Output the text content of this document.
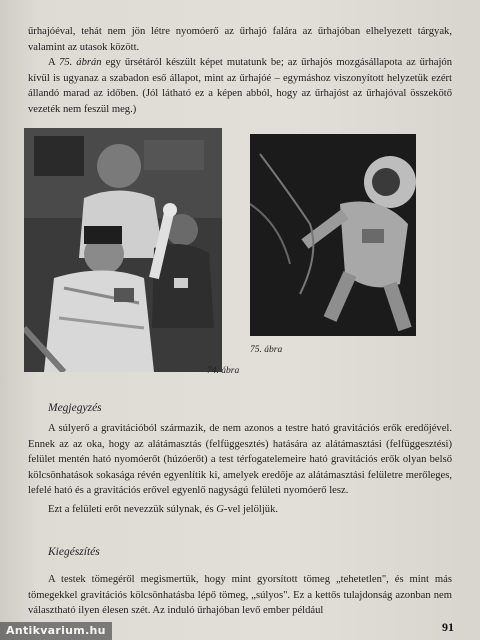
űrhajóéval, tehát nem jön létre nyomóerő az űrhajó falára az űrhajóban elhelyezett tárgyak, valamint az utasok között.

A 75. ábrán egy űrsétáról készült képet mutatunk be; az űrhajós mozgásállapota az űrhajón kívül is ugyanaz a szabadon eső állapot, mint az űrhajóé – egymáshoz viszonyított helyzetük ezért állandó marad az időben. (Jól látható ez a képen abból, hogy az űrhajóst az űrhajóval összekötő vezeték nem feszül meg.)

74. ábra
75. ábra
Megjegyzés

A súlyerő a gravitációból származik, de nem azonos a testre ható gravitációs erők eredőjével. Ennek az az oka, hogy az alátámasztás (felfüggesztés) hatására az alátámasztási (felfüggesztési) felület mentén ható nyomóerőt (húzóerőt) a test térfogatelemeire ható gravitációs erők olyan belső kölcsönhatások sokasága révén egyenlítik ki, amelyek eredője az alátámasztási felületre merőleges, lefelé ható és a gravitációs erővel egyenlő nagyságú felületi nyomóerő lesz.

Ezt a felületi erőt nevezzük súlynak, és G-vel jelöljük.

Kiegészítés

A testek tömegéről megismertük, hogy mint gyorsított tömeg „tehetetlen", és mint más tömegekkel gravitációs kölcsönhatásba lépő tömeg, „súlyos". Ez a kettős tulajdonság azonban nem választható ilyen élesen szét. Az induló űrhajóban levő ember például

91
Antikvarium.hu
